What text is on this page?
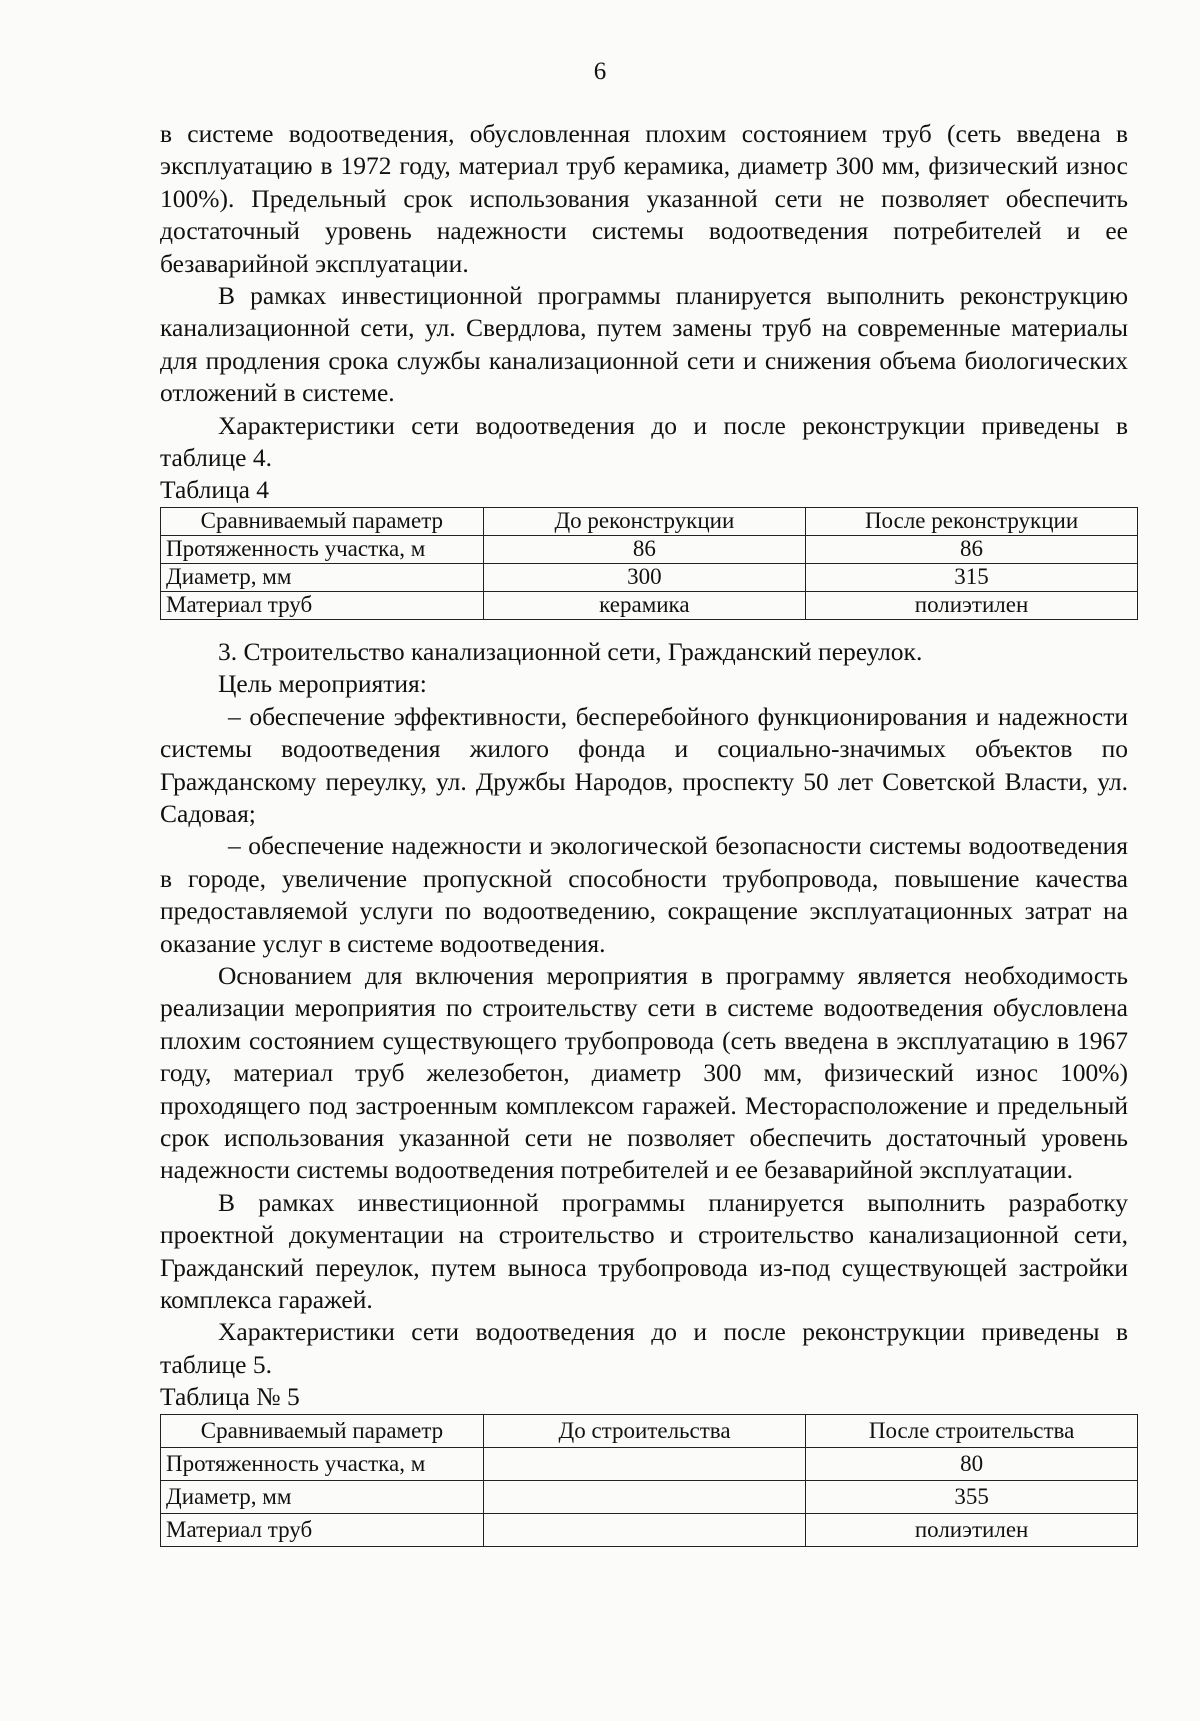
6

в системе водоотведения, обусловленная плохим состоянием труб (сеть введена в эксплуатацию в 1972 году, материал труб керамика, диаметр 300 мм, физический износ 100%). Предельный срок использования указанной сети не позволяет обеспечить достаточный уровень надежности системы водоотведения потребителей и ее безаварийной эксплуатации.

В рамках инвестиционной программы планируется выполнить реконструкцию канализационной сети, ул. Свердлова, путем замены труб на современные материалы для продления срока службы канализационной сети и снижения объема биологических отложений в системе.

Характеристики сети водоотведения до и после реконструкции приведены в таблице 4.

Таблица 4

Сравниваемый параметр	До реконструкции	После реконструкции
Протяженность участка, м	86	86
Диаметр, мм	300	315
Материал труб	керамика	полиэтилен

3. Строительство канализационной сети, Гражданский переулок.

Цель мероприятия:

– обеспечение эффективности, бесперебойного функционирования и надежности системы водоотведения жилого фонда и социально-значимых объектов по Гражданскому переулку, ул. Дружбы Народов, проспекту 50 лет Советской Власти, ул. Садовая;

– обеспечение надежности и экологической безопасности системы водоотведения в городе, увеличение пропускной способности трубопровода, повышение качества предоставляемой услуги по водоотведению, сокращение эксплуатационных затрат на оказание услуг в системе водоотведения.

Основанием для включения мероприятия в программу является необходимость реализации мероприятия по строительству сети в системе водоотведения обусловлена плохим состоянием существующего трубопровода (сеть введена в эксплуатацию в 1967 году, материал труб железобетон, диаметр 300 мм, физический износ 100%) проходящего под застроенным комплексом гаражей. Месторасположение и предельный срок использования указанной сети не позволяет обеспечить достаточный уровень надежности системы водоотведения потребителей и ее безаварийной эксплуатации.

В рамках инвестиционной программы планируется выполнить разработку проектной документации на строительство и строительство канализационной сети, Гражданский переулок, путем выноса трубопровода из-под существующей застройки комплекса гаражей.

Характеристики сети водоотведения до и после реконструкции приведены в таблице 5.

Таблица № 5

Сравниваемый параметр	До строительства	После строительства
Протяженность участка, м		80
Диаметр, мм		355
Материал труб		полиэтилен
